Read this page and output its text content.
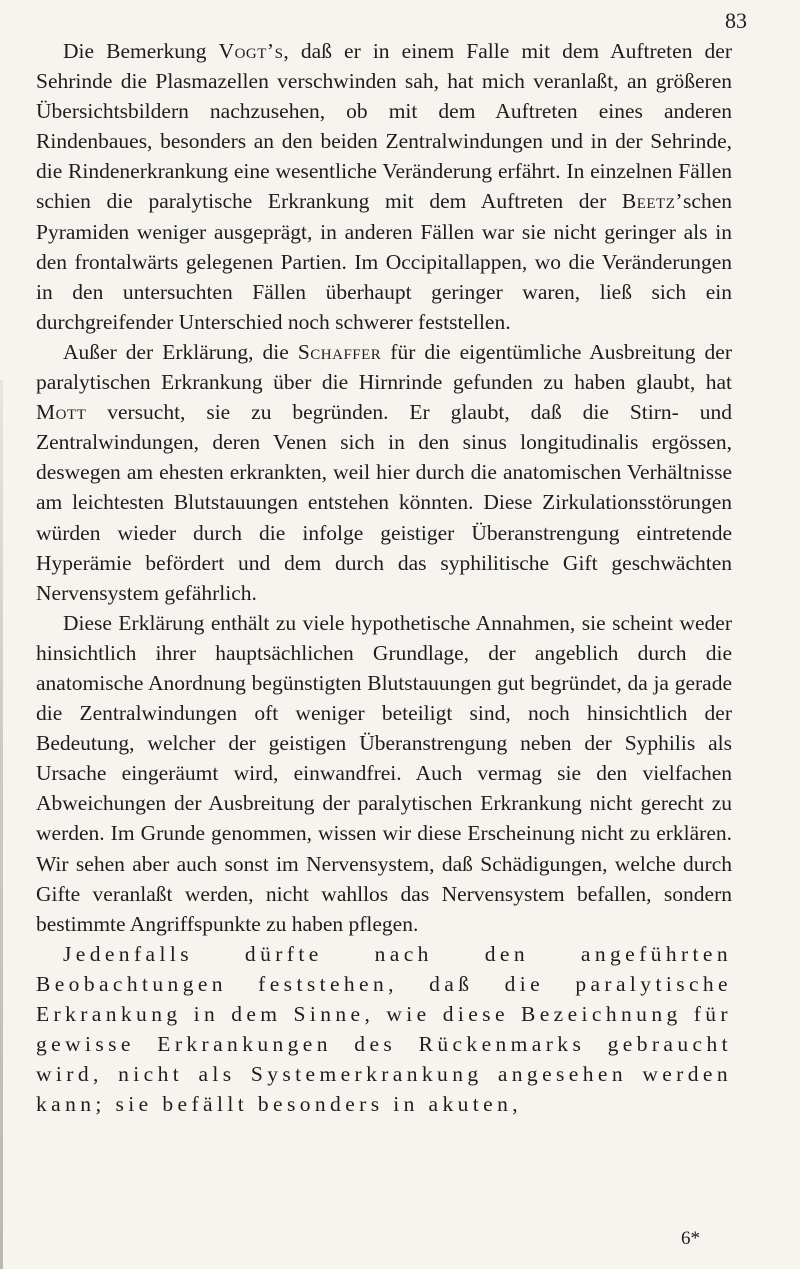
83

Die Bemerkung Vogt’s, daß er in einem Falle mit dem Auftreten der Sehrinde die Plasmazellen verschwinden sah, hat mich veranlaßt, an größeren Übersichtsbildern nachzusehen, ob mit dem Auftreten eines anderen Rindenbaues, besonders an den beiden Zentralwindungen und in der Sehrinde, die Rindenerkrankung eine wesentliche Veränderung erfährt. In einzelnen Fällen schien die paralytische Erkrankung mit dem Auftreten der Beetz’schen Pyramiden weniger ausgeprägt, in anderen Fällen war sie nicht geringer als in den frontalwärts gelegenen Partien. Im Occipitallappen, wo die Veränderungen in den untersuchten Fällen überhaupt geringer waren, ließ sich ein durchgreifender Unterschied noch schwerer feststellen.

Außer der Erklärung, die Schaffer für die eigentümliche Ausbreitung der paralytischen Erkrankung über die Hirnrinde gefunden zu haben glaubt, hat Mott versucht, sie zu begründen. Er glaubt, daß die Stirn- und Zentralwindungen, deren Venen sich in den sinus longitudinalis ergössen, deswegen am ehesten erkrankten, weil hier durch die anatomischen Verhältnisse am leichtesten Blutstauungen entstehen könnten. Diese Zirkulationsstörungen würden wieder durch die infolge geistiger Überanstrengung eintretende Hyperämie befördert und dem durch das syphilitische Gift geschwächten Nervensystem gefährlich.

Diese Erklärung enthält zu viele hypothetische Annahmen, sie scheint weder hinsichtlich ihrer hauptsächlichen Grundlage, der angeblich durch die anatomische Anordnung begünstigten Blutstauungen gut begründet, da ja gerade die Zentralwindungen oft weniger beteiligt sind, noch hinsichtlich der Bedeutung, welcher der geistigen Überanstrengung neben der Syphilis als Ursache eingeräumt wird, einwandfrei. Auch vermag sie den vielfachen Abweichungen der Ausbreitung der paralytischen Erkrankung nicht gerecht zu werden. Im Grunde genommen, wissen wir diese Erscheinung nicht zu erklären. Wir sehen aber auch sonst im Nervensystem, daß Schädigungen, welche durch Gifte veranlaßt werden, nicht wahllos das Nervensystem befallen, sondern bestimmte Angriffspunkte zu haben pflegen.

Jedenfalls dürfte nach den angeführten Beobachtungen feststehen, daß die paralytische Erkrankung in dem Sinne, wie diese Bezeichnung für gewisse Erkrankungen des Rückenmarks gebraucht wird, nicht als Systemerkrankung angesehen werden kann; sie befällt besonders in akuten,

6*
